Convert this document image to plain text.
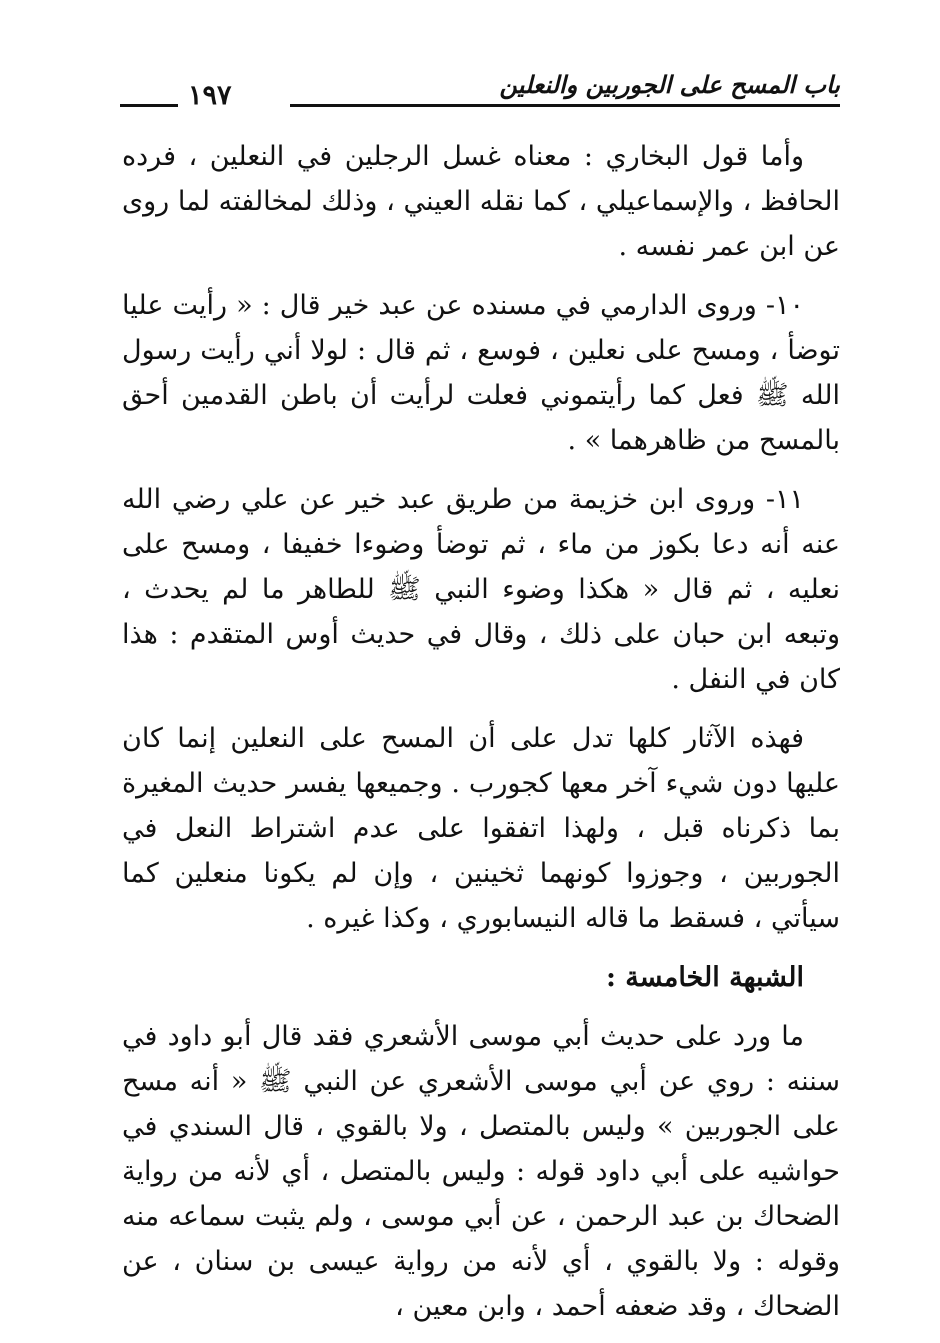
باب المسح على الجوربين والنعلين
١٩٧

وأما قول البخاري : معناه غسل الرجلين في النعلين ، فرده الحافظ ، والإسماعيلي ، كما نقله العيني ، وذلك لمخالفته لما روى عن ابن عمر نفسه .

١٠- وروى الدارمي في مسنده عن عبد خير قال : « رأيت عليا توضأ ، ومسح على نعلين ، فوسع ، ثم قال : لولا أني رأيت رسول الله ﷺ فعل كما رأيتموني فعلت لرأيت أن باطن القدمين أحق بالمسح من ظاهرهما » .

١١- وروى ابن خزيمة من طريق عبد خير عن علي رضي الله عنه أنه دعا بكوز من ماء ، ثم توضأ وضوءا خفيفا ، ومسح على نعليه ، ثم قال « هكذا وضوء النبي ﷺ للطاهر ما لم يحدث ، وتبعه ابن حبان على ذلك ، وقال في حديث أوس المتقدم : هذا كان في النفل .

فهذه الآثار كلها تدل على أن المسح على النعلين إنما كان عليها دون شيء آخر معها كجورب . وجميعها يفسر حديث المغيرة بما ذكرناه قبل ، ولهذا اتفقوا على عدم اشتراط النعل في الجوربين ، وجوزوا كونهما ثخينين ، وإن لم يكونا منعلين كما سيأتي ، فسقط ما قاله النيسابوري ، وكذا غيره .

الشبهة الخامسة :

ما ورد على حديث أبي موسى الأشعري فقد قال أبو داود في سننه : روي عن أبي موسى الأشعري عن النبي ﷺ « أنه مسح على الجوربين » وليس بالمتصل ، ولا بالقوي ، قال السندي في حواشيه على أبي داود قوله : وليس بالمتصل ، أي لأنه من رواية الضحاك بن عبد الرحمن ، عن أبي موسى ، ولم يثبت سماعه منه وقوله : ولا بالقوي ، أي لأنه من رواية عيسى بن سنان ، عن الضحاك ، وقد ضعفه أحمد ، وابن معين ،
